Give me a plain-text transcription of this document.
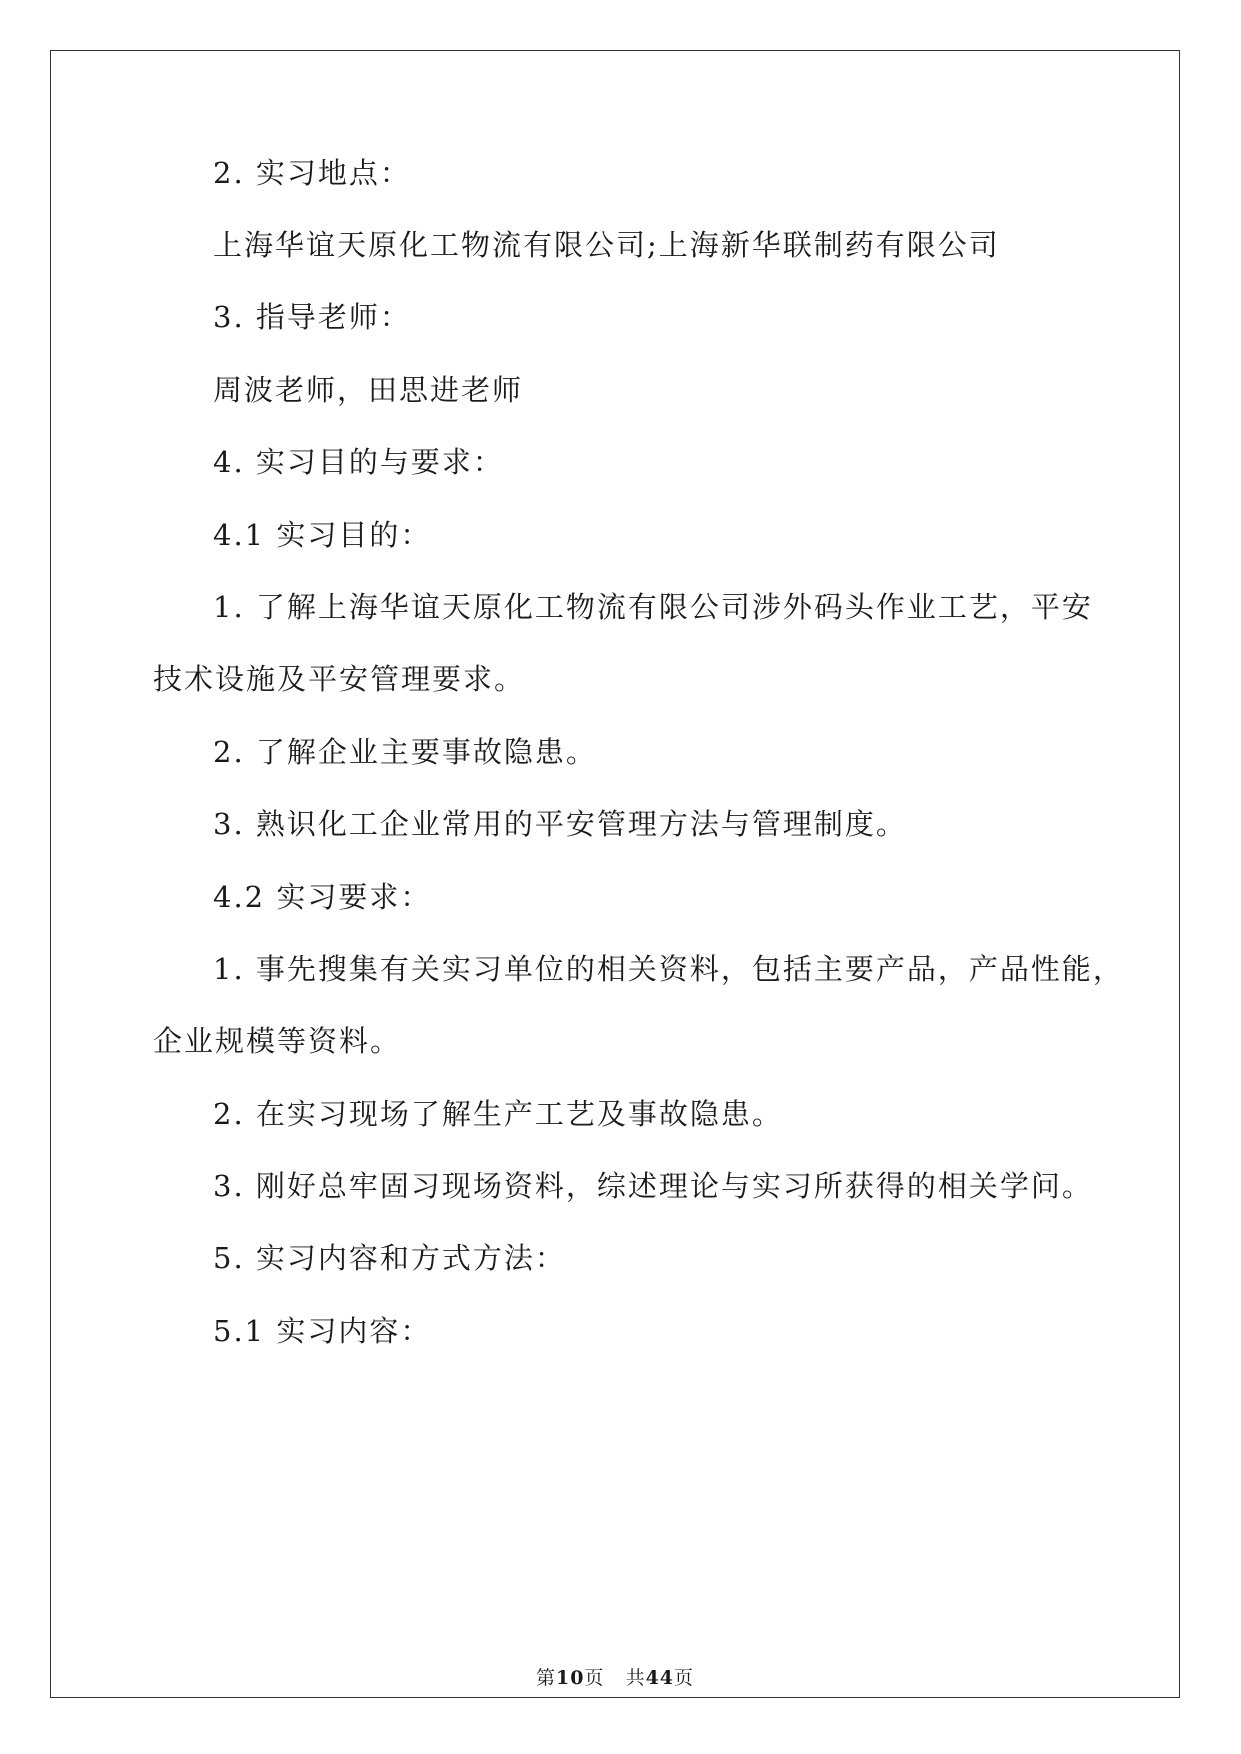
2. 实习地点：
上海华谊天原化工物流有限公司;上海新华联制药有限公司
3. 指导老师：
周波老师，田思进老师
4. 实习目的与要求：
4.1 实习目的：
1. 了解上海华谊天原化工物流有限公司涉外码头作业工艺，平安
技术设施及平安管理要求。
2. 了解企业主要事故隐患。
3. 熟识化工企业常用的平安管理方法与管理制度。
4.2 实习要求：
1. 事先搜集有关实习单位的相关资料，包括主要产品，产品性能，
企业规模等资料。
2. 在实习现场了解生产工艺及事故隐患。
3. 刚好总牢固习现场资料，综述理论与实习所获得的相关学问。
5. 实习内容和方式方法：
5.1 实习内容：
第10页 共44页
